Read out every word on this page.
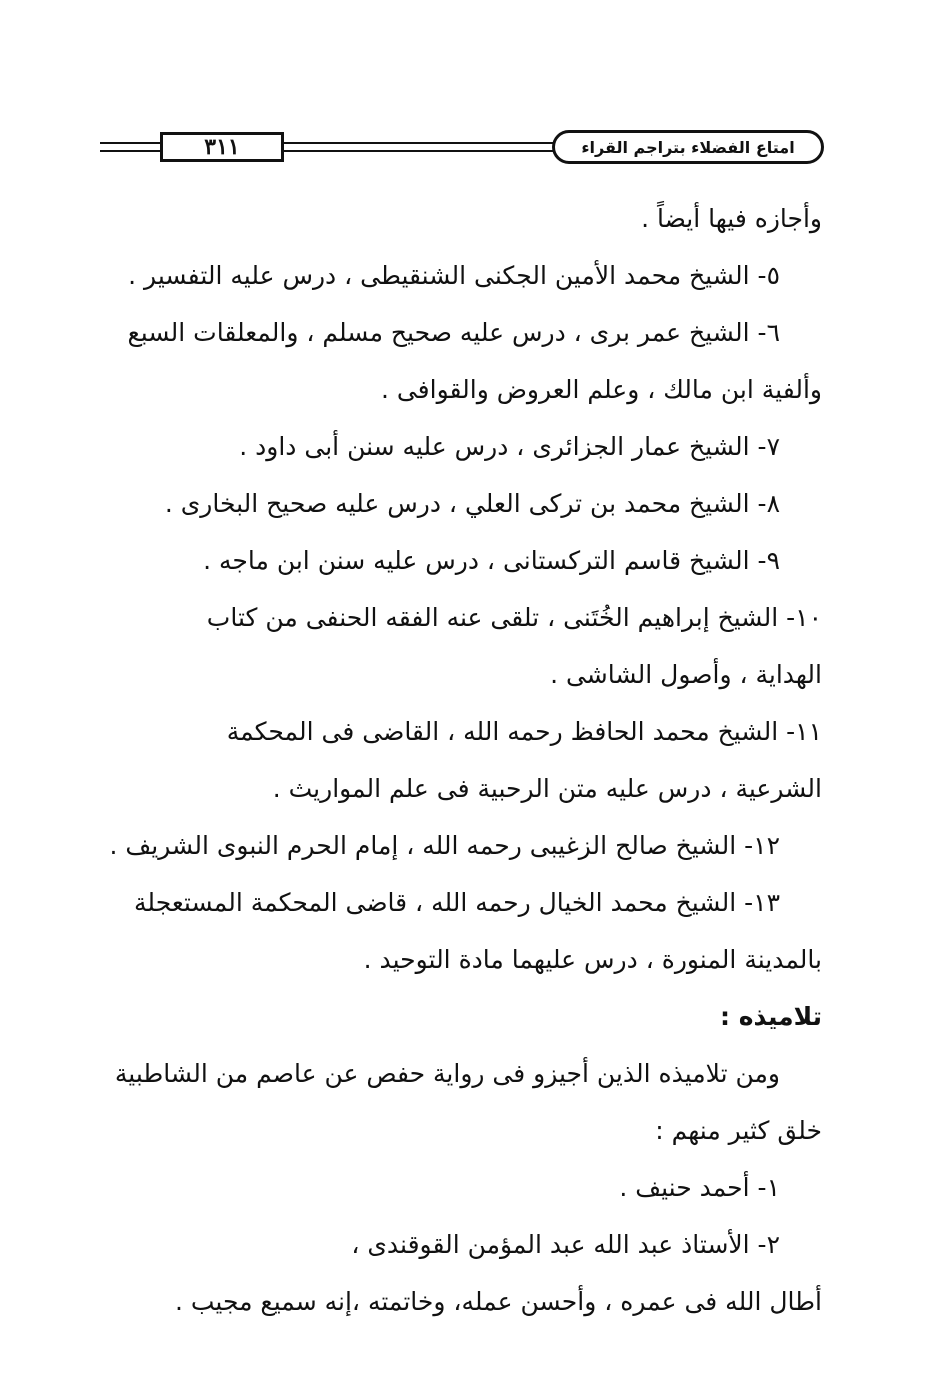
٣١١	امتاع الفضلاء بتراجم القراء

وأجازه فيها أيضاً .

٥- الشيخ محمد الأمين الجكنى الشنقيطى ، درس عليه التفسير .

٦- الشيخ عمر برى ، درس عليه صحيح مسلم ، والمعلقات السبع

وألفية ابن مالك ، وعلم العروض والقوافى .

٧- الشيخ عمار الجزائرى ، درس عليه سنن أبى داود .

٨- الشيخ محمد بن تركى العلي ، درس عليه صحيح البخارى .

٩- الشيخ قاسم التركستانى ، درس عليه سنن ابن ماجه .

١٠- الشيخ إبراهيم الخُتَنى ، تلقى عنه الفقه الحنفى من كتاب

الهداية ، وأصول الشاشى .

١١- الشيخ محمد الحافظ رحمه الله ، القاضى فى المحكمة

الشرعية ، درس عليه متن الرحبية فى علم المواريث .

١٢- الشيخ صالح الزغيبى رحمه الله ، إمام الحرم النبوى الشريف .

١٣- الشيخ محمد الخيال رحمه الله ، قاضى المحكمة المستعجلة

بالمدينة المنورة ، درس عليهما مادة التوحيد .

تلاميذه :

ومن تلاميذه الذين أجيزو فى رواية حفص عن عاصم من الشاطبية

خلق كثير منهم :

١- أحمد حنيف .

٢- الأستاذ عبد الله عبد المؤمن القوقندى ،

أطال الله فى عمره ، وأحسن عمله، وخاتمته ،إنه سميع مجيب .
